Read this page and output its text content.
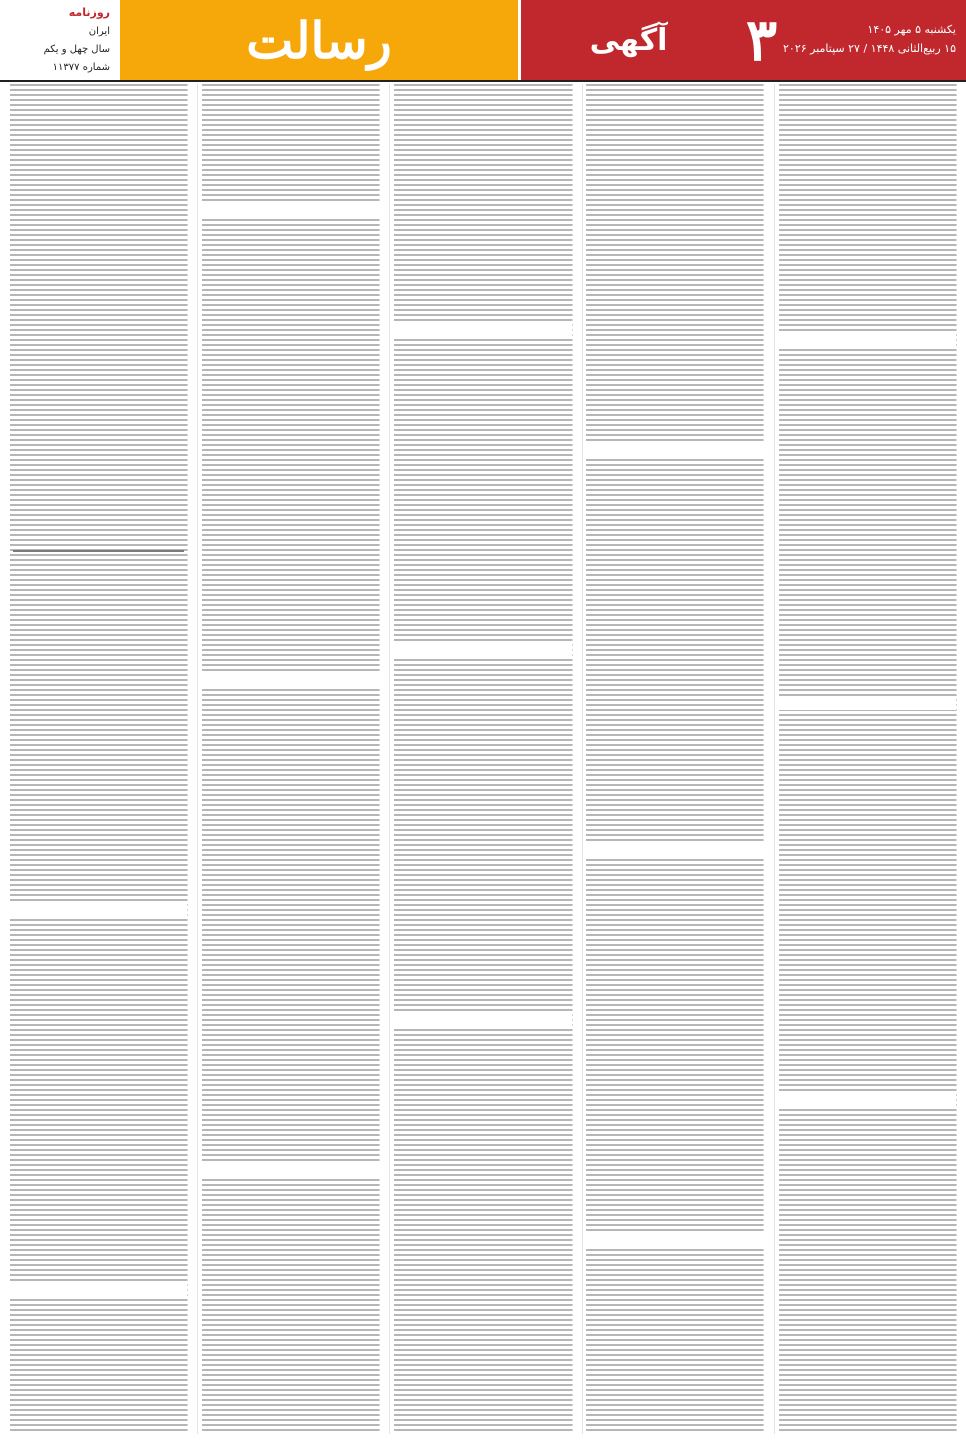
روزنامه
ایران
سال چهل و یکم
شماره ۱۱۳۷۷	رسالت	آگهی	یکشنبه ۵ مهر ۱۴۰۵
۱۵ ربیع‌الثانی ۱۴۴۸ / ۲۷ سپتامبر ۲۰۲۶
۳
